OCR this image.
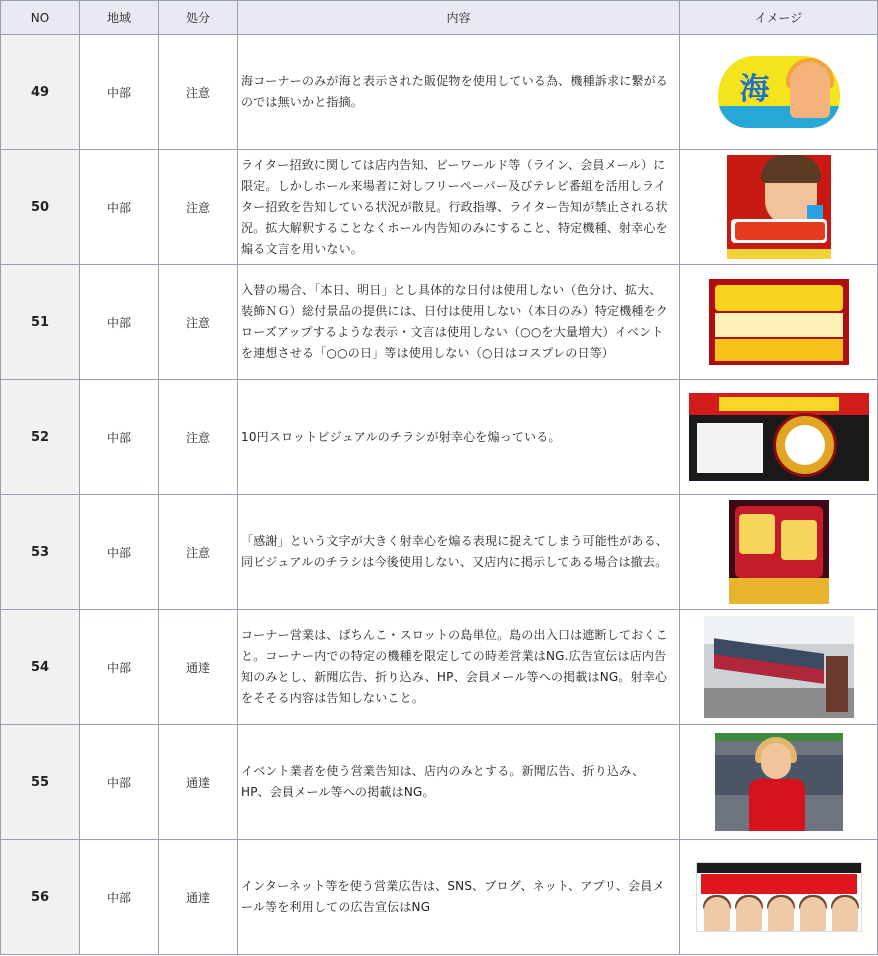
NO	地域	処分	内容	イメージ
49	中部	注意	海コーナーのみが海と表示された販促物を使用している為、機種訴求に繋がるのでは無いかと指摘。	海

50	中部	注意	ライター招致に関しては店内告知、ピーワールド等（ライン、会員メール）に限定。しかしホール来場者に対しフリーペーパー及びテレビ番組を活用しライター招致を告知している状況が散見。行政指導、ライター告知が禁止される状況。拡大解釈することなくホール内告知のみにすること、特定機種、射幸心を煽る文言を用いない。	

51	中部	注意	入替の場合、「本日、明日」とし具体的な日付は使用しない（色分け、拡大、装飾ＮＧ）総付景品の提供には、日付は使用しない（本日のみ）特定機種をクローズアップするような表示・文言は使用しない（○○を大量増大）イベントを連想させる「○○の日」等は使用しない（○日はコスプレの日等）	

52	中部	注意	10円スロットビジュアルのチラシが射幸心を煽っている。	

53	中部	注意	「感謝」という文字が大きく射幸心を煽る表現に捉えてしまう可能性がある、同ビジュアルのチラシは今後使用しない、又店内に掲示してある場合は撤去。	

54	中部	通達	コーナー営業は、ぱちんこ・スロットの島単位。島の出入口は遮断しておくこと。コーナー内での特定の機種を限定しての時差営業はNG.広告宣伝は店内告知のみとし、新聞広告、折り込み、HP、会員メール等への掲載はNG。射幸心をそそる内容は告知しないこと。	

55	中部	通達	イベント業者を使う営業告知は、店内のみとする。新聞広告、折り込み、HP、会員メール等への掲載はNG。	

56	中部	通達	インターネット等を使う営業広告は、SNS、ブログ、ネット、アプリ、会員メール等を利用しての広告宣伝はNG	
